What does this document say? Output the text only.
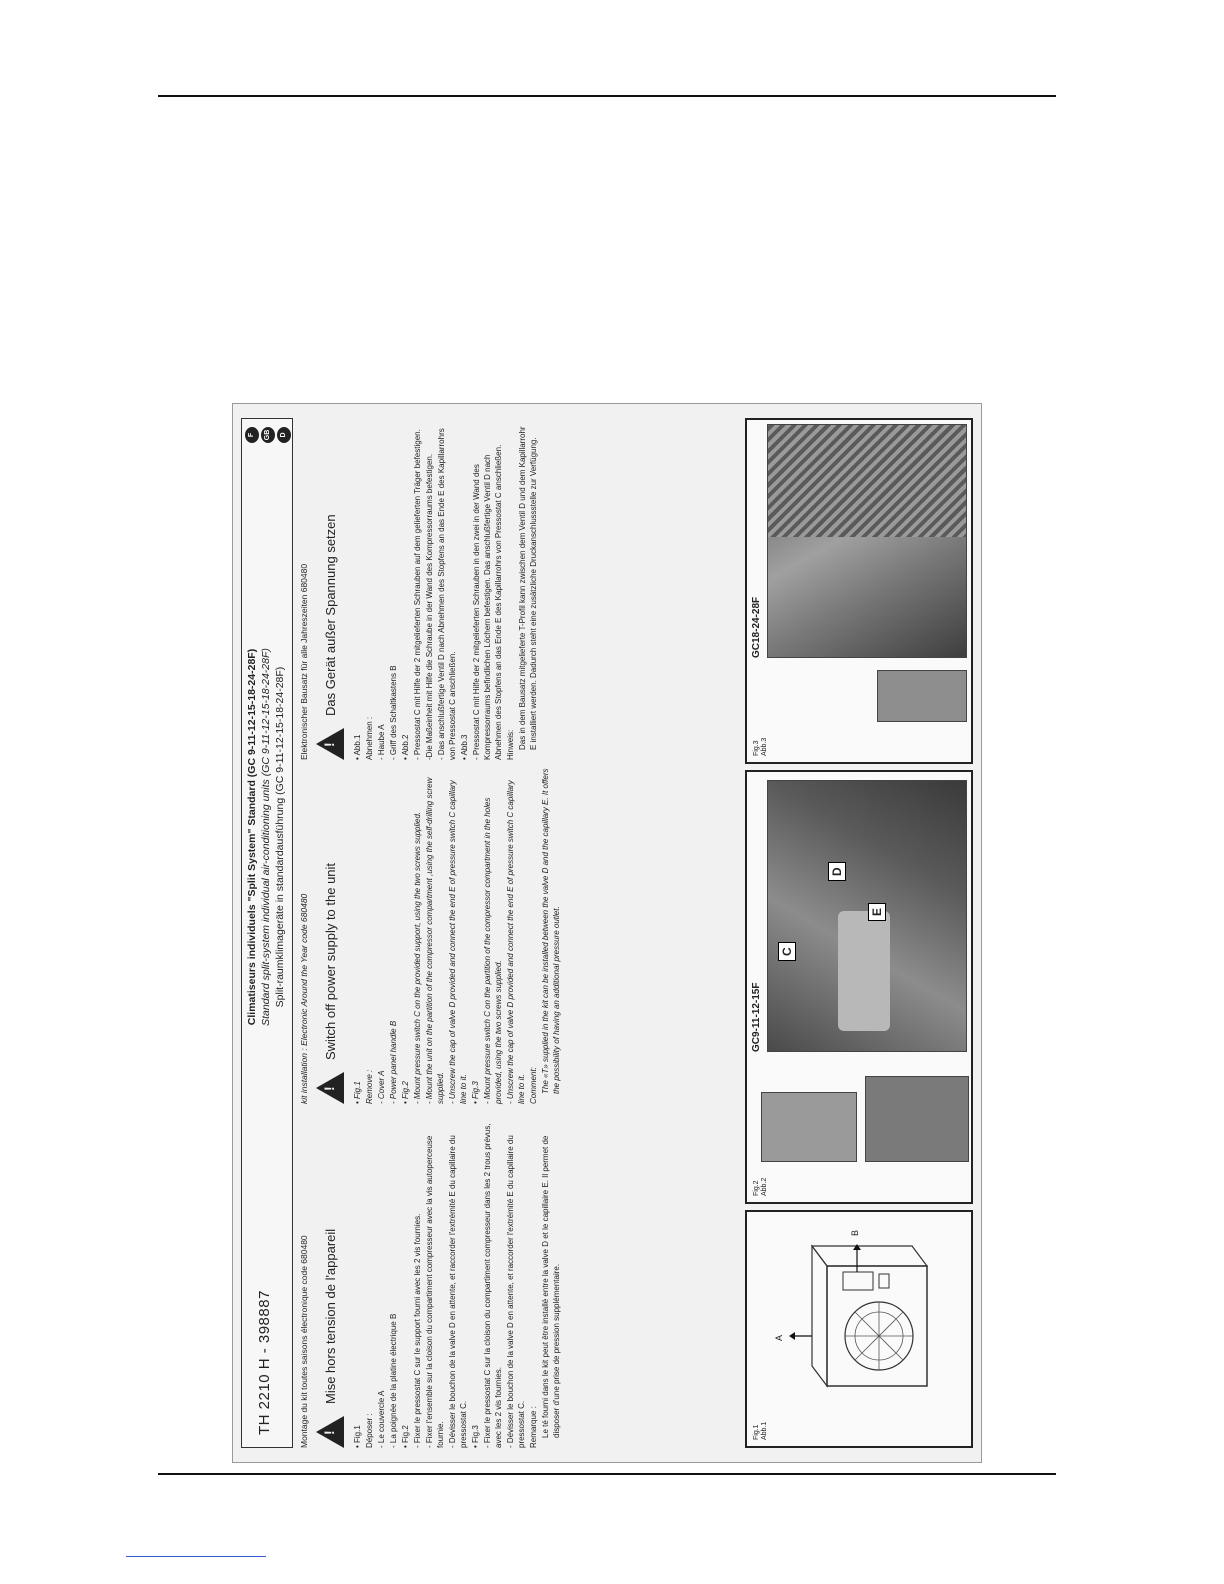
TH 2210 H - 398887
Climatiseurs individuels "Split System" Standard (GC 9-11-12-15-18-24-28F) Standard split-system individual air-conditioning units (GC 9-11-12-15-18-24-28F) Split-raumklimageräte in standardausführung (GC 9-11-12-15-18-24-28F)
F	GB	D
Montage du kit toutes saisons électronique code 680480
! Mise hors tension de l'appareil

• Fig.1 Déposer : - Le couvercle A - La poignée de la platine électrique B • Fig.2 - Fixer le pressostat C sur le support fourni avec les 2 vis fournies. - Fixer l'ensemble sur la cloison du compartiment compresseur avec la vis autoperceuse fournie. - Dévisser le bouchon de la valve D en attente, et raccorder l'extrémité E du capillaire du pressostat C. • Fig.3 - Fixer le pressostat C sur la cloison du compartiment compresseur dans les 2 trous prévus, avec les 2 vis fournies. - Dévisser le bouchon de la valve D en attente, et raccorder l'extrémité E du capillaire du pressostat C. Remarque : Le té fourni dans le kit peut être installé entre la valve D et le capillaire E. Il permet de disposer d'une prise de pression supplémentaire.

kit installation : Electronic Around the Year code 680480
! Switch off power supply to the unit

• Fig.1 Remove : - Cover A - Power panel handle B • Fig.2 - Mount pressure switch C on the provided support, using the two screws supplied. - Mount the unit on the partition of the compressor compartment ,using the self-drilling screw supplied. - Unscrew the cap of valve D provided and connect the end E of pressure switch C capillary line to it. • Fig.3 - Mount pressure switch C on the partition of the compressor compartment in the holes provided, using the two screws supplied. - Unscrew the cap of valve D provided and connect the end E of pressure switch C capillary line to it. Comment: The «T» supplied in the kit can be installed between the valve D and the capillary E. It offers the possibility of having an additional pressure outlet.

Elektronischer Bausatz für alle Jahreszeiten 680480
! Das Gerät außer Spannung setzen

• Abb.1 Abnehmen : - Haube A - Griff des Schaltkastens B • Abb.2 - Pressostat C mit Hilfe der 2 mitgelieferten Schrauben auf dem gelieferten Träger befestigen. -Die Maßeinheit mit Hilfe die Schraube in der Wand des Kompressorraums befestigen. - Das anschlußfertige Ventil D nach Abnehmen des Stopfens an das Ende E des Kapillarrohrs von Pressostat C anschließen. • Abb.3 - Pressostat C mit Hilfe der 2 mitgelieferten Schrauben in den zwei in der Wand des Kompressorraums befindlichen Löchern befestigen. Das anschlußfertige Ventil D nach Abnehmen des Stopfens an das Ende E des Kapillarrohrs von Pressostat C anschließen. Hinweis: Das in dem Bausatz mitgelieferte T-Profil kann zwischen dem Ventil D und dem Kapillarrohr E installiert werden. Dadurch steht eine zusätzliche Druckanschlussstelle zur Verfügung.

Fig.1 Abb.1
A
B
Fig.2 Abb.2
GC9-11-12-15F
C
D
E
Fig.3 Abb.3
GC18-24-28F
